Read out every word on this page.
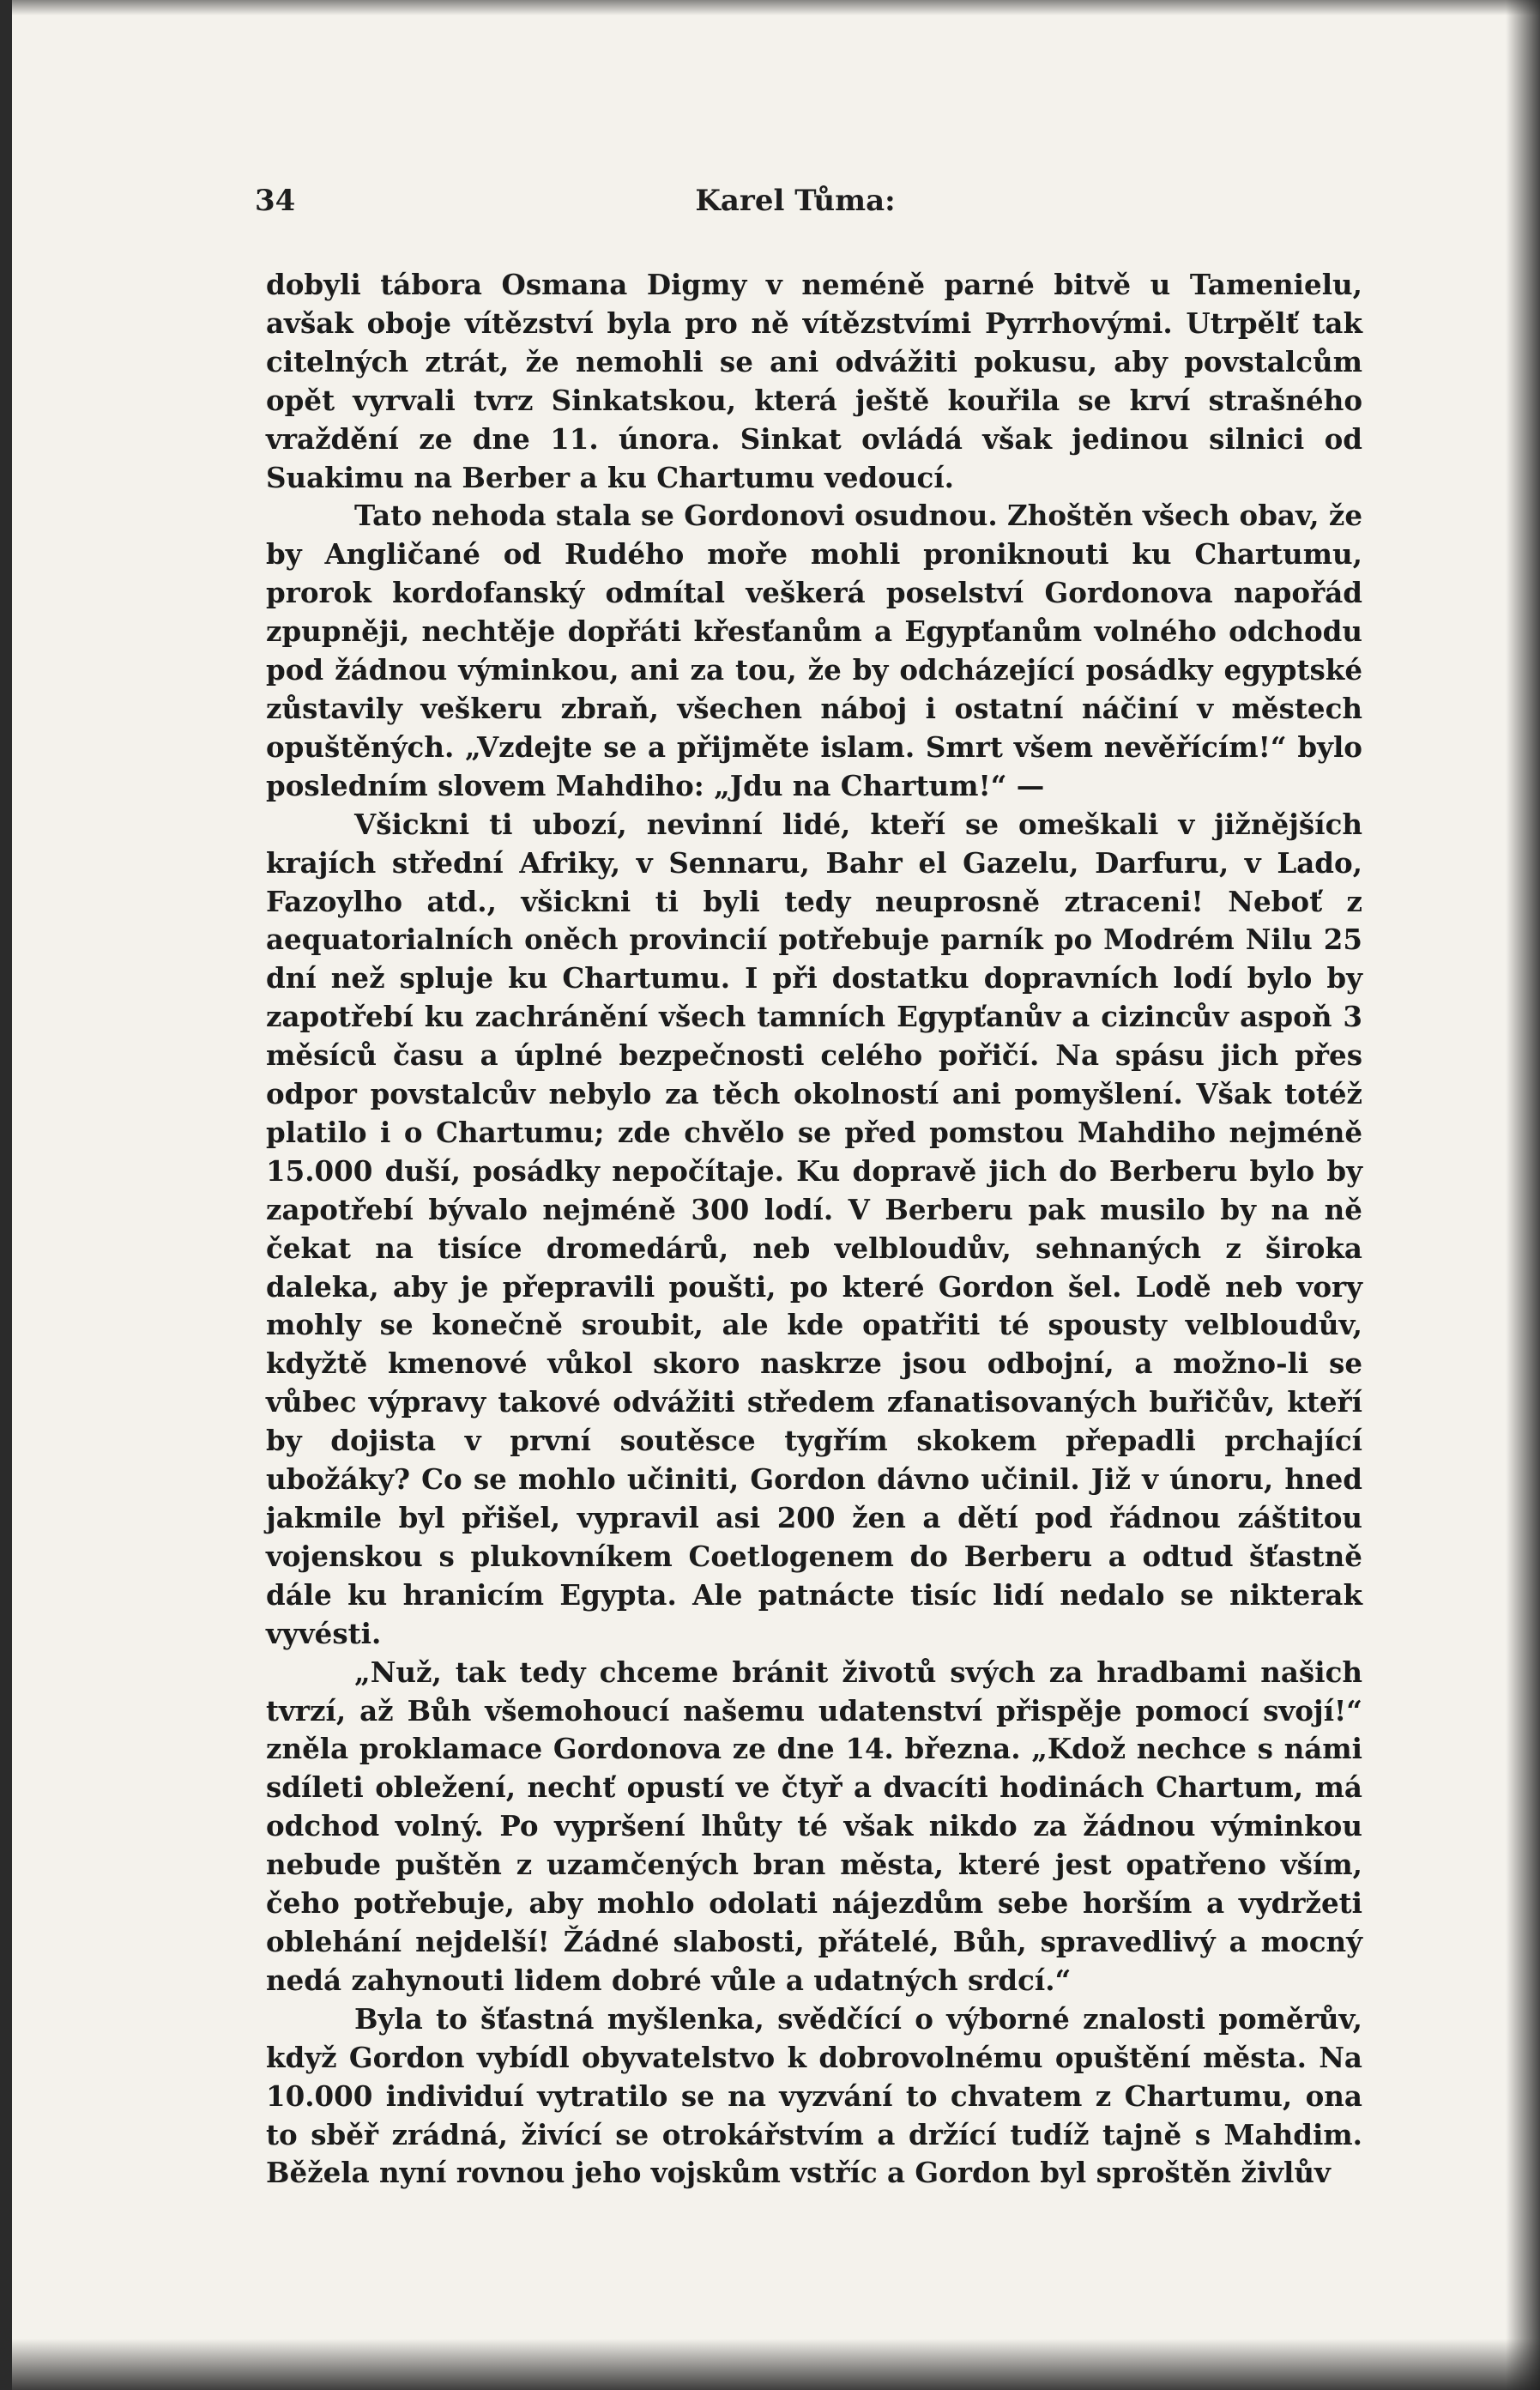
34	Karel Tůma:

dobyli tábora Osmana Digmy v neméně parné bitvě u Tamenielu, avšak oboje vítězství byla pro ně vítězstvími Pyrrhovými. Utrpělť tak citelných ztrát, že nemohli se ani odvážiti pokusu, aby povstalcům opět vyrvali tvrz Sinkatskou, která ještě kouřila se krví strašného vraždění ze dne 11. února. Sinkat ovládá však jedinou silnici od Suakimu na Berber a ku Chartumu vedoucí.

Tato nehoda stala se Gordonovi osudnou. Zhoštěn všech obav, že by Angličané od Rudého moře mohli proniknouti ku Chartumu, prorok kordofanský odmítal veškerá poselství Gordonova napořád zpupněji, nechtěje dopřáti křesťanům a Egypťanům volného odchodu pod žádnou výminkou, ani za tou, že by odcházející posádky egyptské zůstavily veškeru zbraň, všechen náboj i ostatní náčiní v městech opuštěných. „Vzdejte se a přijměte islam. Smrt všem nevěřícím!“ bylo posledním slovem Mahdiho: „Jdu na Chartum!“ —

Všickni ti ubozí, nevinní lidé, kteří se omeškali v jižnějších krajích střední Afriky, v Sennaru, Bahr el Gazelu, Darfuru, v Lado, Fazoylho atd., všickni ti byli tedy neuprosně ztraceni! Neboť z aequatorialních oněch provincií potřebuje parník po Modrém Nilu 25 dní než spluje ku Chartumu. I při dostatku dopravních lodí bylo by zapotřebí ku zachránění všech tamních Egypťanův a cizincův aspoň 3 měsíců času a úplné bezpečnosti celého pořičí. Na spásu jich přes odpor povstalcův nebylo za těch okolností ani pomyšlení. Však totéž platilo i o Chartumu; zde chvělo se před pomstou Mahdiho nejméně 15.000 duší, posádky nepočítaje. Ku dopravě jich do Berberu bylo by zapotřebí bývalo nejméně 300 lodí. V Berberu pak musilo by na ně čekat na tisíce dromedárů, neb velbloudův, sehnaných z široka daleka, aby je přepravili poušti, po které Gordon šel. Lodě neb vory mohly se konečně sroubit, ale kde opatřiti té spousty velbloudův, kdyžtě kmenové vůkol skoro naskrze jsou odbojní, a možno-li se vůbec výpravy takové odvážiti středem zfanatisovaných buřičův, kteří by dojista v první soutěsce tygřím skokem přepadli prchající ubožáky? Co se mohlo učiniti, Gordon dávno učinil. Již v únoru, hned jakmile byl přišel, vypravil asi 200 žen a dětí pod řádnou záštitou vojenskou s plukovníkem Coetlogenem do Berberu a odtud šťastně dále ku hranicím Egypta. Ale patnácte tisíc lidí nedalo se nikterak vyvésti.

„Nuž, tak tedy chceme bránit životů svých za hradbami našich tvrzí, až Bůh všemohoucí našemu udatenství přispěje pomocí svojí!“ zněla proklamace Gordonova ze dne 14. března. „Kdož nechce s námi sdíleti obležení, nechť opustí ve čtyř a dvacíti hodinách Chartum, má odchod volný. Po vypršení lhůty té však nikdo za žádnou výminkou nebude puštěn z uzamčených bran města, které jest opatřeno vším, čeho potřebuje, aby mohlo odolati nájezdům sebe horším a vydržeti oblehání nejdelší! Žádné slabosti, přátelé, Bůh, spravedlivý a mocný nedá zahynouti lidem dobré vůle a udatných srdcí.“

Byla to šťastná myšlenka, svědčící o výborné znalosti poměrův, když Gordon vybídl obyvatelstvo k dobrovolnému opuštění města. Na 10.000 individuí vytratilo se na vyzvání to chvatem z Chartumu, ona to sběř zrádná, živící se otrokářstvím a držící tudíž tajně s Mahdim. Běžela nyní rovnou jeho vojskům vstříc a Gordon byl sproštěn živlův
